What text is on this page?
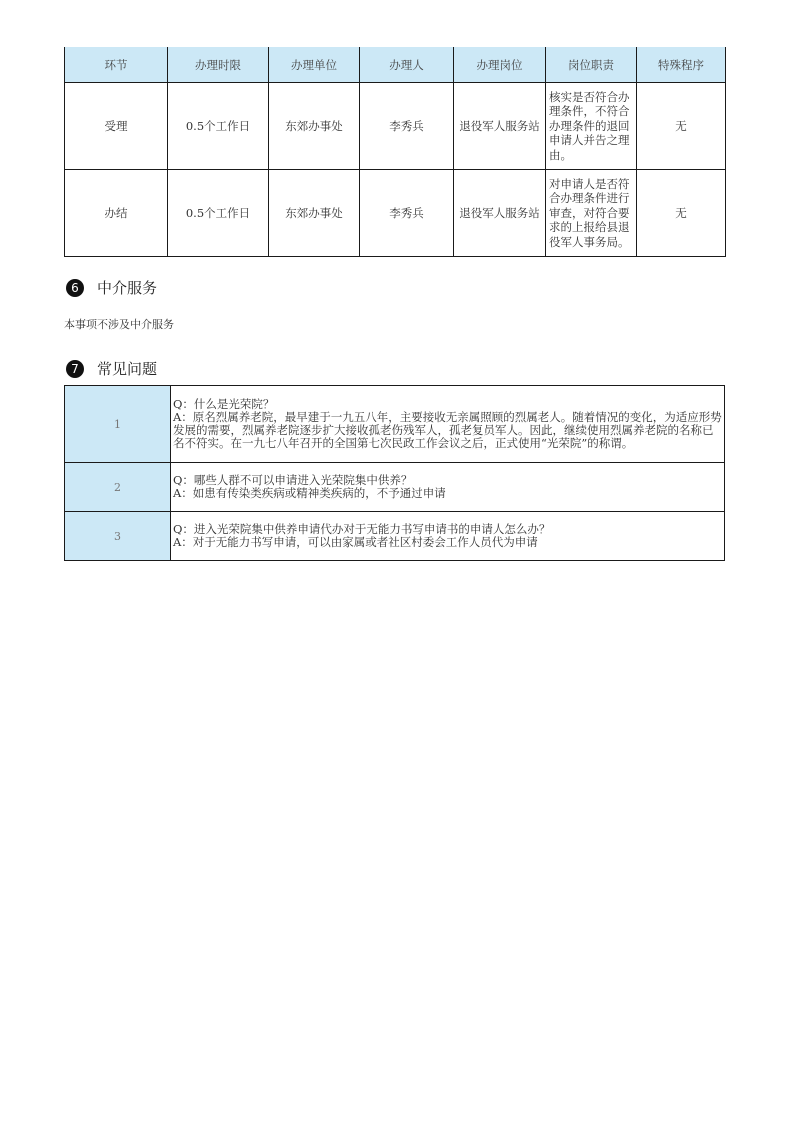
环节	办理时限	办理单位	办理人	办理岗位	岗位职责	特殊程序
受理	0.5个工作日	东郊办事处	李秀兵	退役军人服务站	核实是否符合办理条件，不符合办理条件的退回申请人并告之理由。	无
办结	0.5个工作日	东郊办事处	李秀兵	退役军人服务站	对申请人是否符合办理条件进行审查，对符合要求的上报给县退役军人事务局。	无
6	中介服务
本事项不涉及中介服务
7	常见问题
1	Q：什么是光荣院？
A：原名烈属养老院，最早建于一九五八年，主要接收无亲属照顾的烈属老人。随着情况的变化，为适应形势发展的需要，烈属养老院逐步扩大接收孤老伤残军人，孤老复员军人。因此，继续使用烈属养老院的名称已名不符实。在一九七八年召开的全国第七次民政工作会议之后，正式使用“光荣院”的称谓。

2	Q：哪些人群不可以申请进入光荣院集中供养？
A：如患有传染类疾病或精神类疾病的，不予通过申请

3	Q：进入光荣院集中供养申请代办对于无能力书写申请书的申请人怎么办？
A：对于无能力书写申请，可以由家属或者社区村委会工作人员代为申请
